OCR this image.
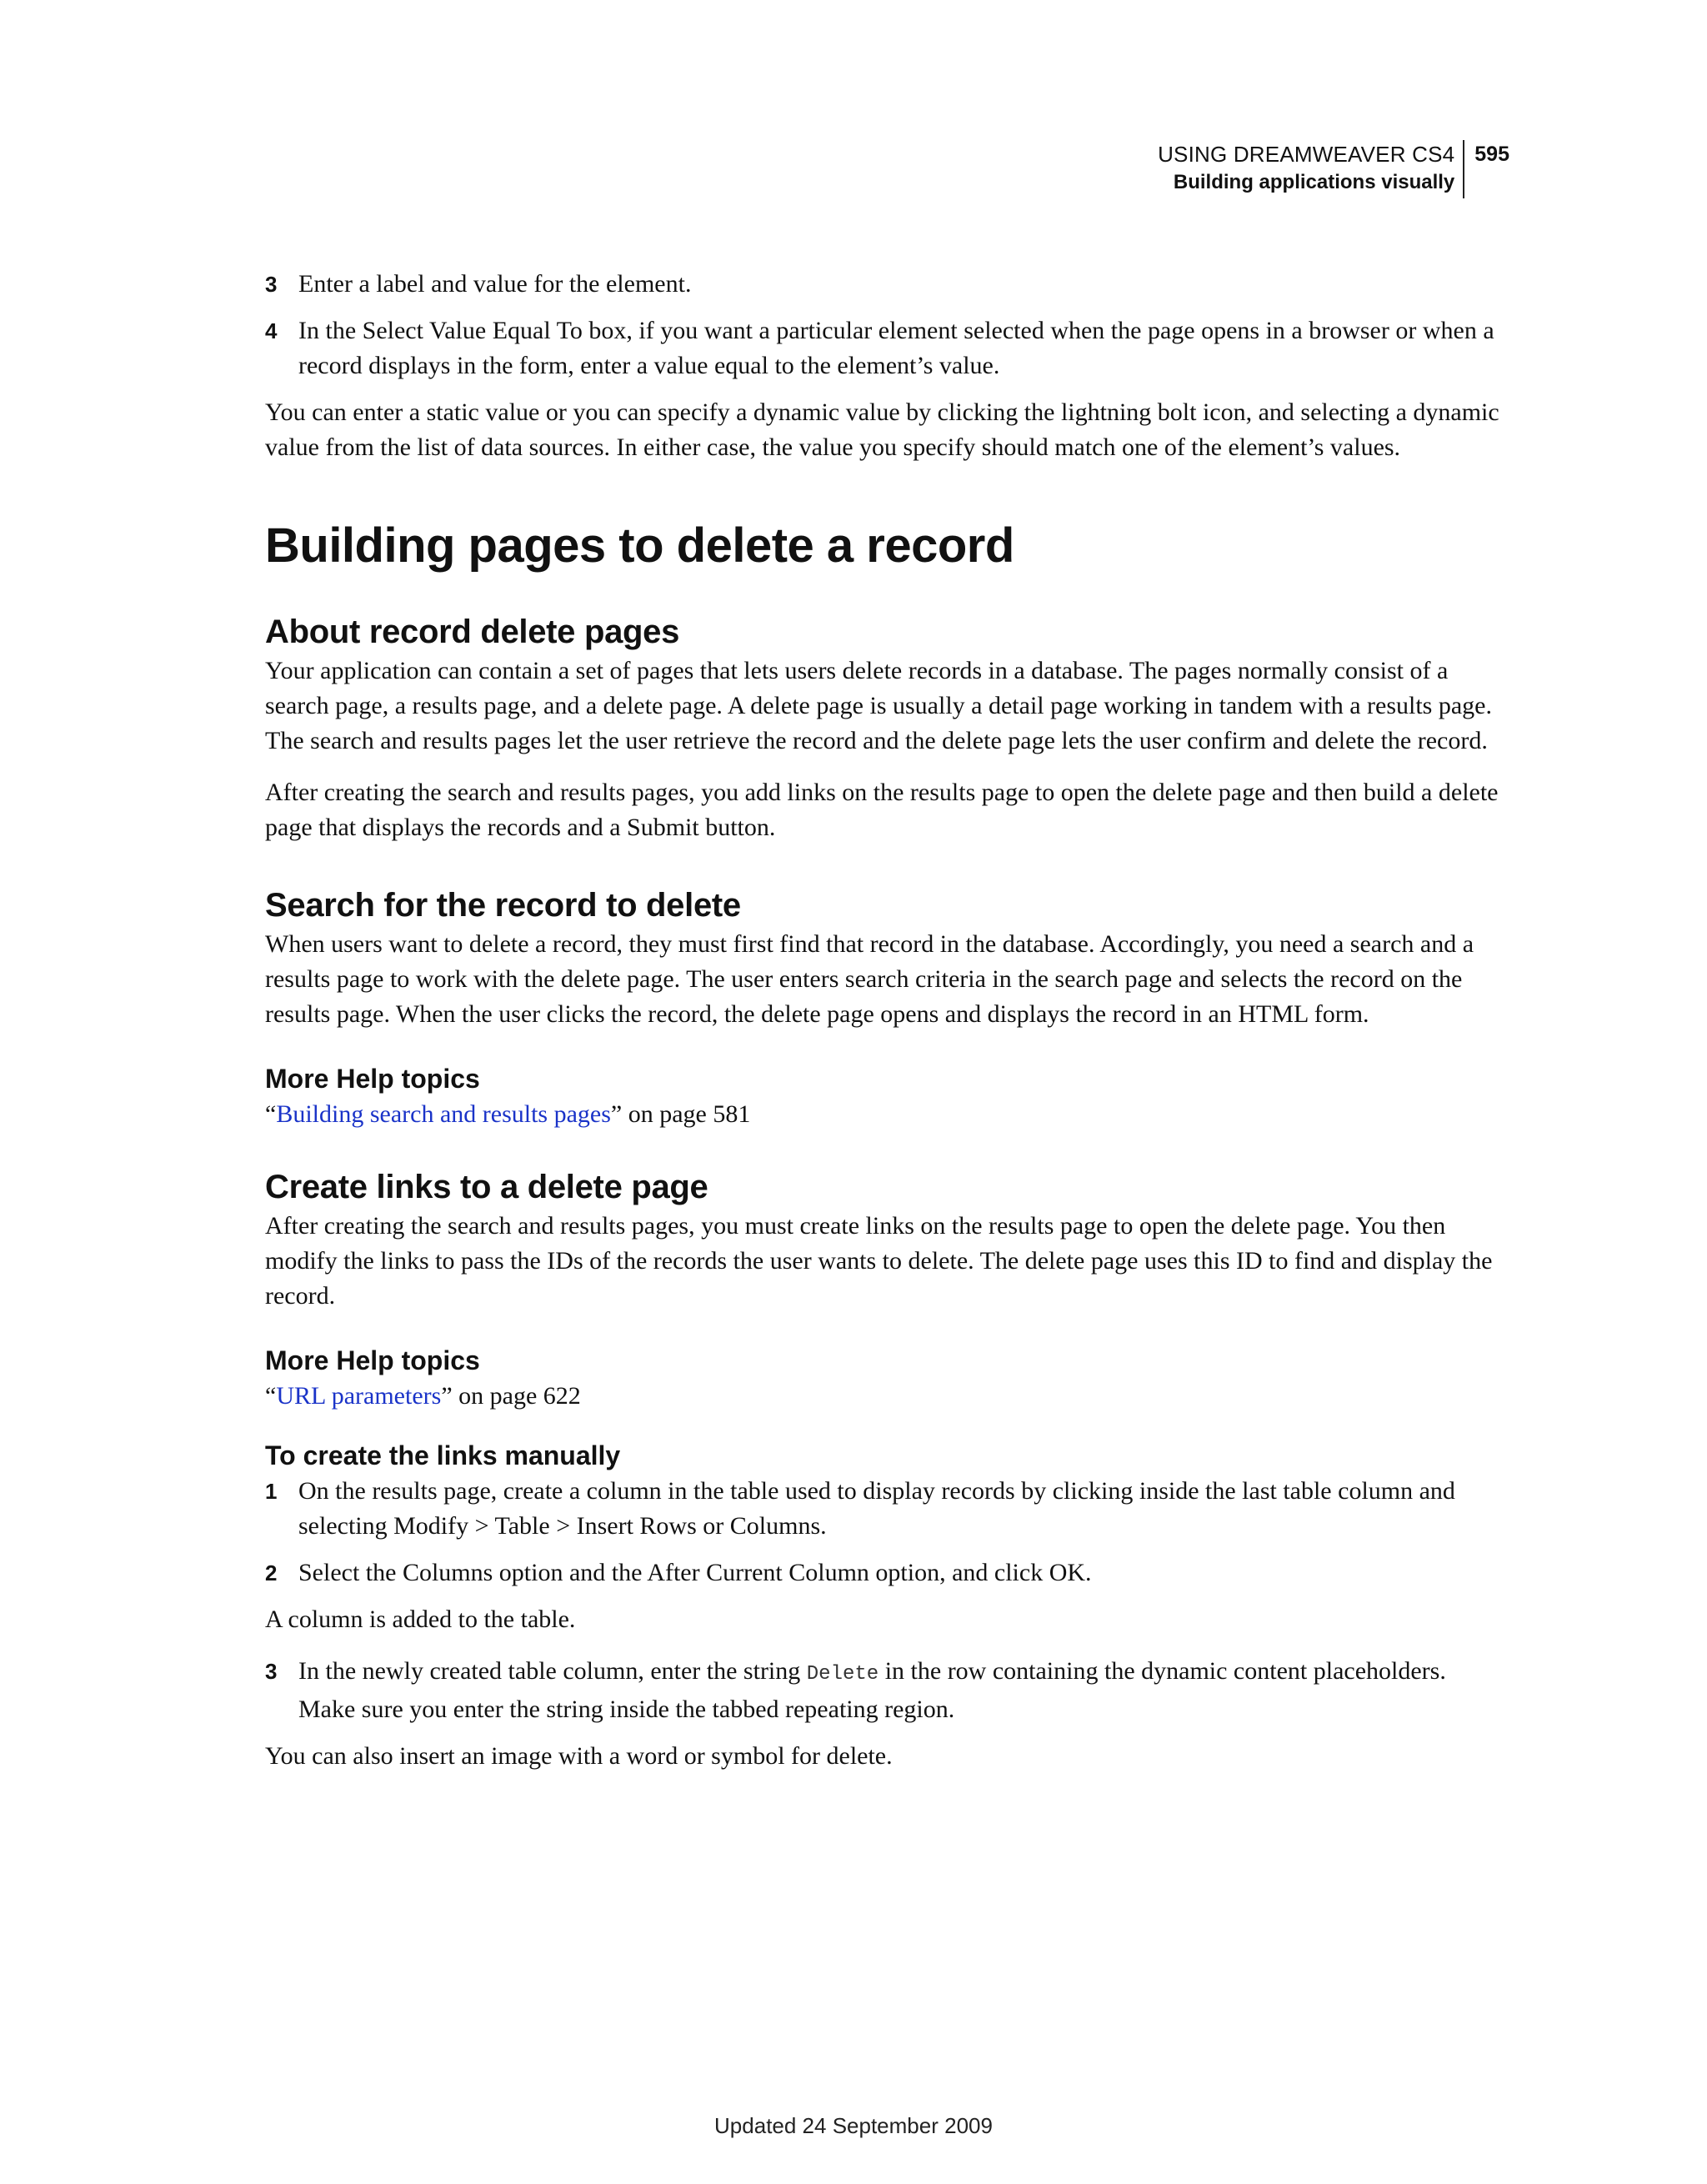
USING DREAMWEAVER CS4
Building applications visually
595
3 Enter a label and value for the element.
4 In the Select Value Equal To box, if you want a particular element selected when the page opens in a browser or when a record displays in the form, enter a value equal to the element’s value.

You can enter a static value or you can specify a dynamic value by clicking the lightning bolt icon, and selecting a dynamic value from the list of data sources. In either case, the value you specify should match one of the element’s values.

Building pages to delete a record
About record delete pages

Your application can contain a set of pages that lets users delete records in a database. The pages normally consist of a search page, a results page, and a delete page. A delete page is usually a detail page working in tandem with a results page. The search and results pages let the user retrieve the record and the delete page lets the user confirm and delete the record.

After creating the search and results pages, you add links on the results page to open the delete page and then build a delete page that displays the records and a Submit button.

Search for the record to delete

When users want to delete a record, they must first find that record in the database. Accordingly, you need a search and a results page to work with the delete page. The user enters search criteria in the search page and selects the record on the results page. When the user clicks the record, the delete page opens and displays the record in an HTML form.

More Help topics

“Building search and results pages” on page 581

Create links to a delete page

After creating the search and results pages, you must create links on the results page to open the delete page. You then modify the links to pass the IDs of the records the user wants to delete. The delete page uses this ID to find and display the record.

More Help topics

“URL parameters” on page 622

To create the links manually
1 On the results page, create a column in the table used to display records by clicking inside the last table column and selecting Modify > Table > Insert Rows or Columns.
2 Select the Columns option and the After Current Column option, and click OK.

A column is added to the table.

3 In the newly created table column, enter the string Delete in the row containing the dynamic content placeholders. Make sure you enter the string inside the tabbed repeating region.

You can also insert an image with a word or symbol for delete.

Updated 24 September 2009
